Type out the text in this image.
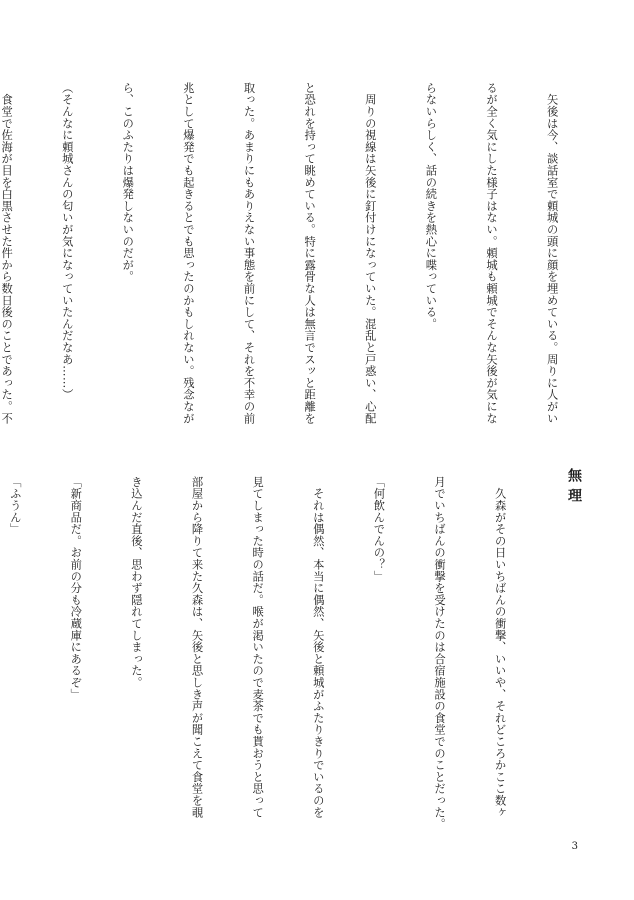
　矢後は今、談話室で頼城の頭に顔を埋めている。周りに人がい

るが全く気にした様子はない。頼城も頼城でそんな矢後が気にな

らないらしく、話の続きを熱心に喋っている。

　周りの視線は矢後に釘付けになっていた。混乱と戸惑い、心配

と恐れを持って眺めている。特に露骨な人は無言でスッと距離を

取った。あまりにもありえない事態を前にして、それを不幸の前

兆として爆発でも起きるとでも思ったのかもしれない。残念なが

ら、このふたりは爆発しないのだが。

（そんなに頼城さんの匂いが気になっていたんだなあ……）

　食堂で佐海が目を白黒させた件から数日後のことであった。不

無理

　久森がその日いちばんの衝撃、いいや、それどころかここ数ヶ

月でいちばんの衝撃を受けたのは合宿施設の食堂でのことだった。

「何飲んでんの？」

　それは偶然、本当に偶然、矢後と頼城がふたりきりでいるのを

見てしまった時の話だ。喉が渇いたので麦茶でも貰おうと思って

部屋から降りて来た久森は、矢後と思しき声が聞こえて食堂を覗

き込んだ直後、思わず隠れてしまった。

「新商品だ。お前の分も冷蔵庫にあるぞ」

「ふうん」

3
